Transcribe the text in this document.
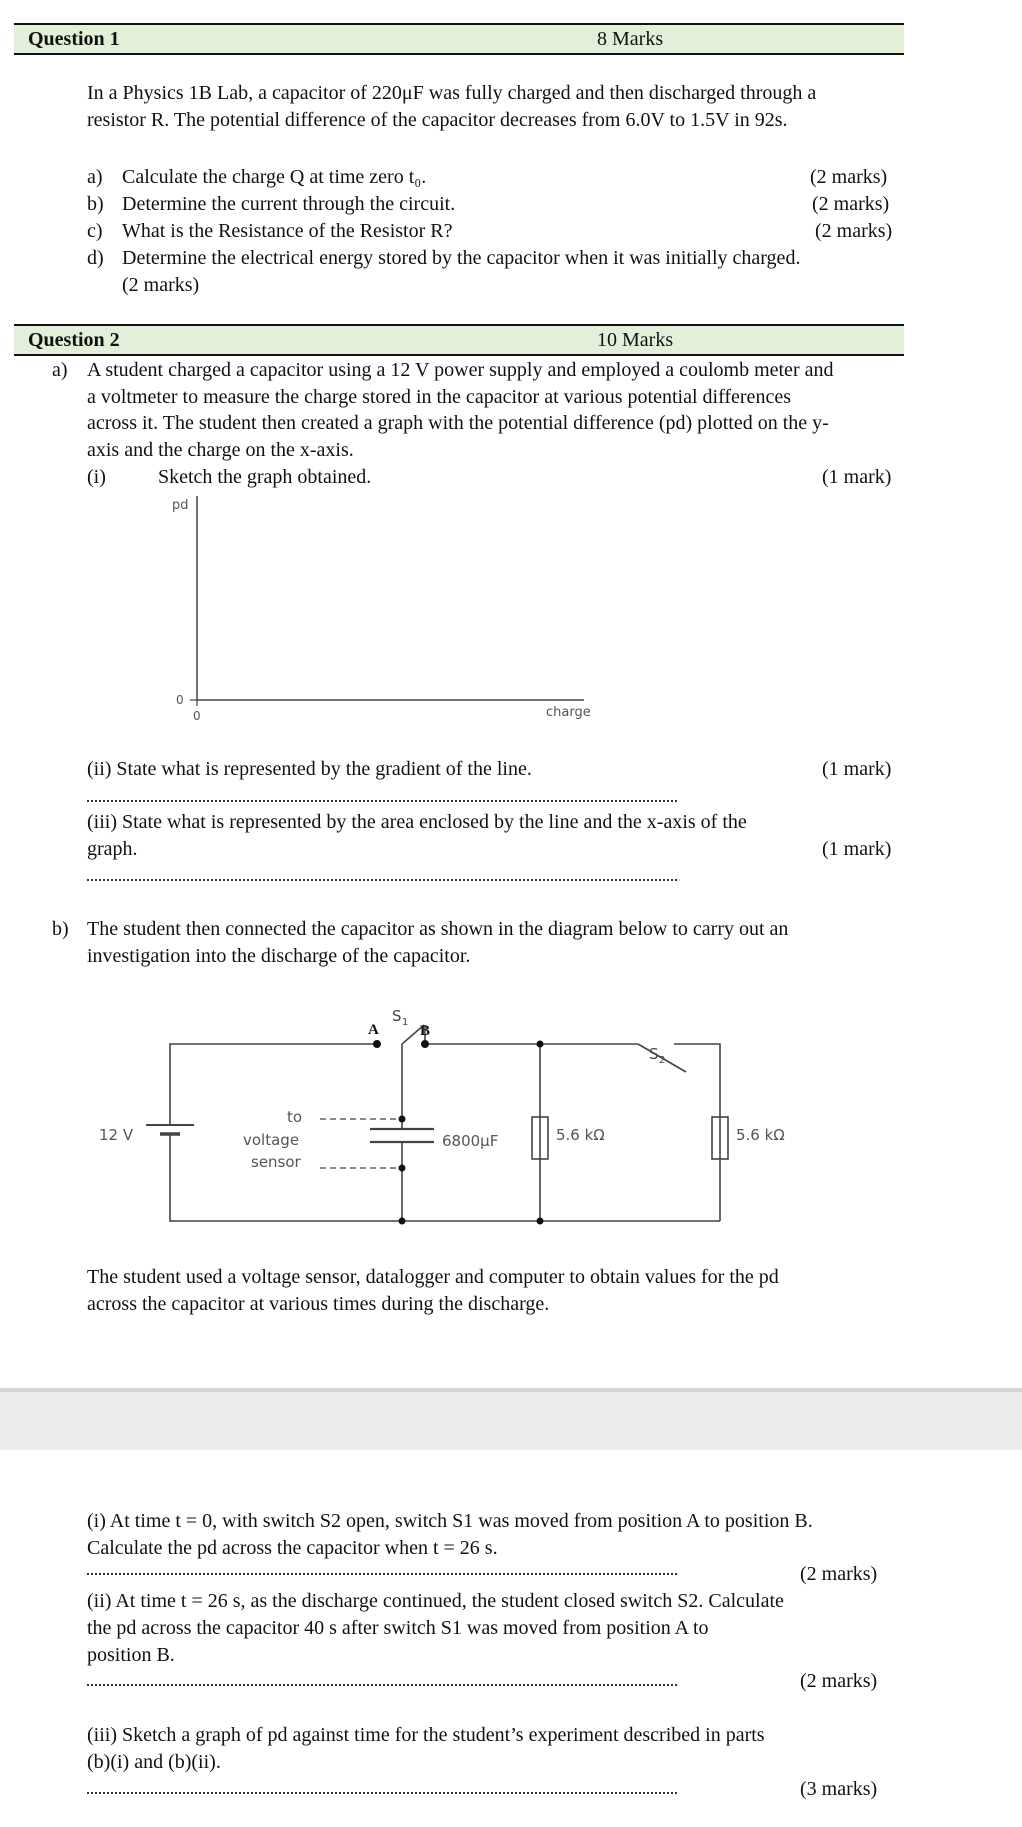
Question 1	8 Marks
In a Physics 1B Lab, a capacitor of 220μF was fully charged and then discharged through a
resistor R. The potential difference of the capacitor decreases from 6.0V to 1.5V in 92s.
a) Calculate the charge Q at time zero t₀.	(2 marks)
b) Determine the current through the circuit.	(2 marks)
c) What is the Resistance of the Resistor R?	(2 marks)
d) Determine the electrical energy stored by the capacitor when it was initially charged.
(2 marks)
Question 2	10 Marks
a) A student charged a capacitor using a 12 V power supply and employed a coulomb meter and
a voltmeter to measure the charge stored in the capacitor at various potential differences
across it. The student then created a graph with the potential difference (pd) plotted on the y-
axis and the charge on the x-axis.
(i)	Sketch the graph obtained.	(1 mark)
pd
0
0	charge
(ii) State what is represented by the gradient of the line.	(1 mark)
(iii) State what is represented by the area enclosed by the line and the x-axis of the
graph.	(1 mark)
b) The student then connected the capacitor as shown in the diagram below to carry out an
investigation into the discharge of the capacitor.
12 V
A
S 1
B
S 2
to
voltage
sensor
6800μF	5.6 kΩ	5.6 kΩ
The student used a voltage sensor, datalogger and computer to obtain values for the pd
across the capacitor at various times during the discharge.
(i) At time t = 0, with switch S2 open, switch S1 was moved from position A to position B.
Calculate the pd across the capacitor when t = 26 s.
(2 marks)
(ii) At time t = 26 s, as the discharge continued, the student closed switch S2. Calculate
the pd across the capacitor 40 s after switch S1 was moved from position A to
position B.
(2 marks)
(iii) Sketch a graph of pd against time for the student’s experiment described in parts
(b)(i) and (b)(ii).
(3 marks)
